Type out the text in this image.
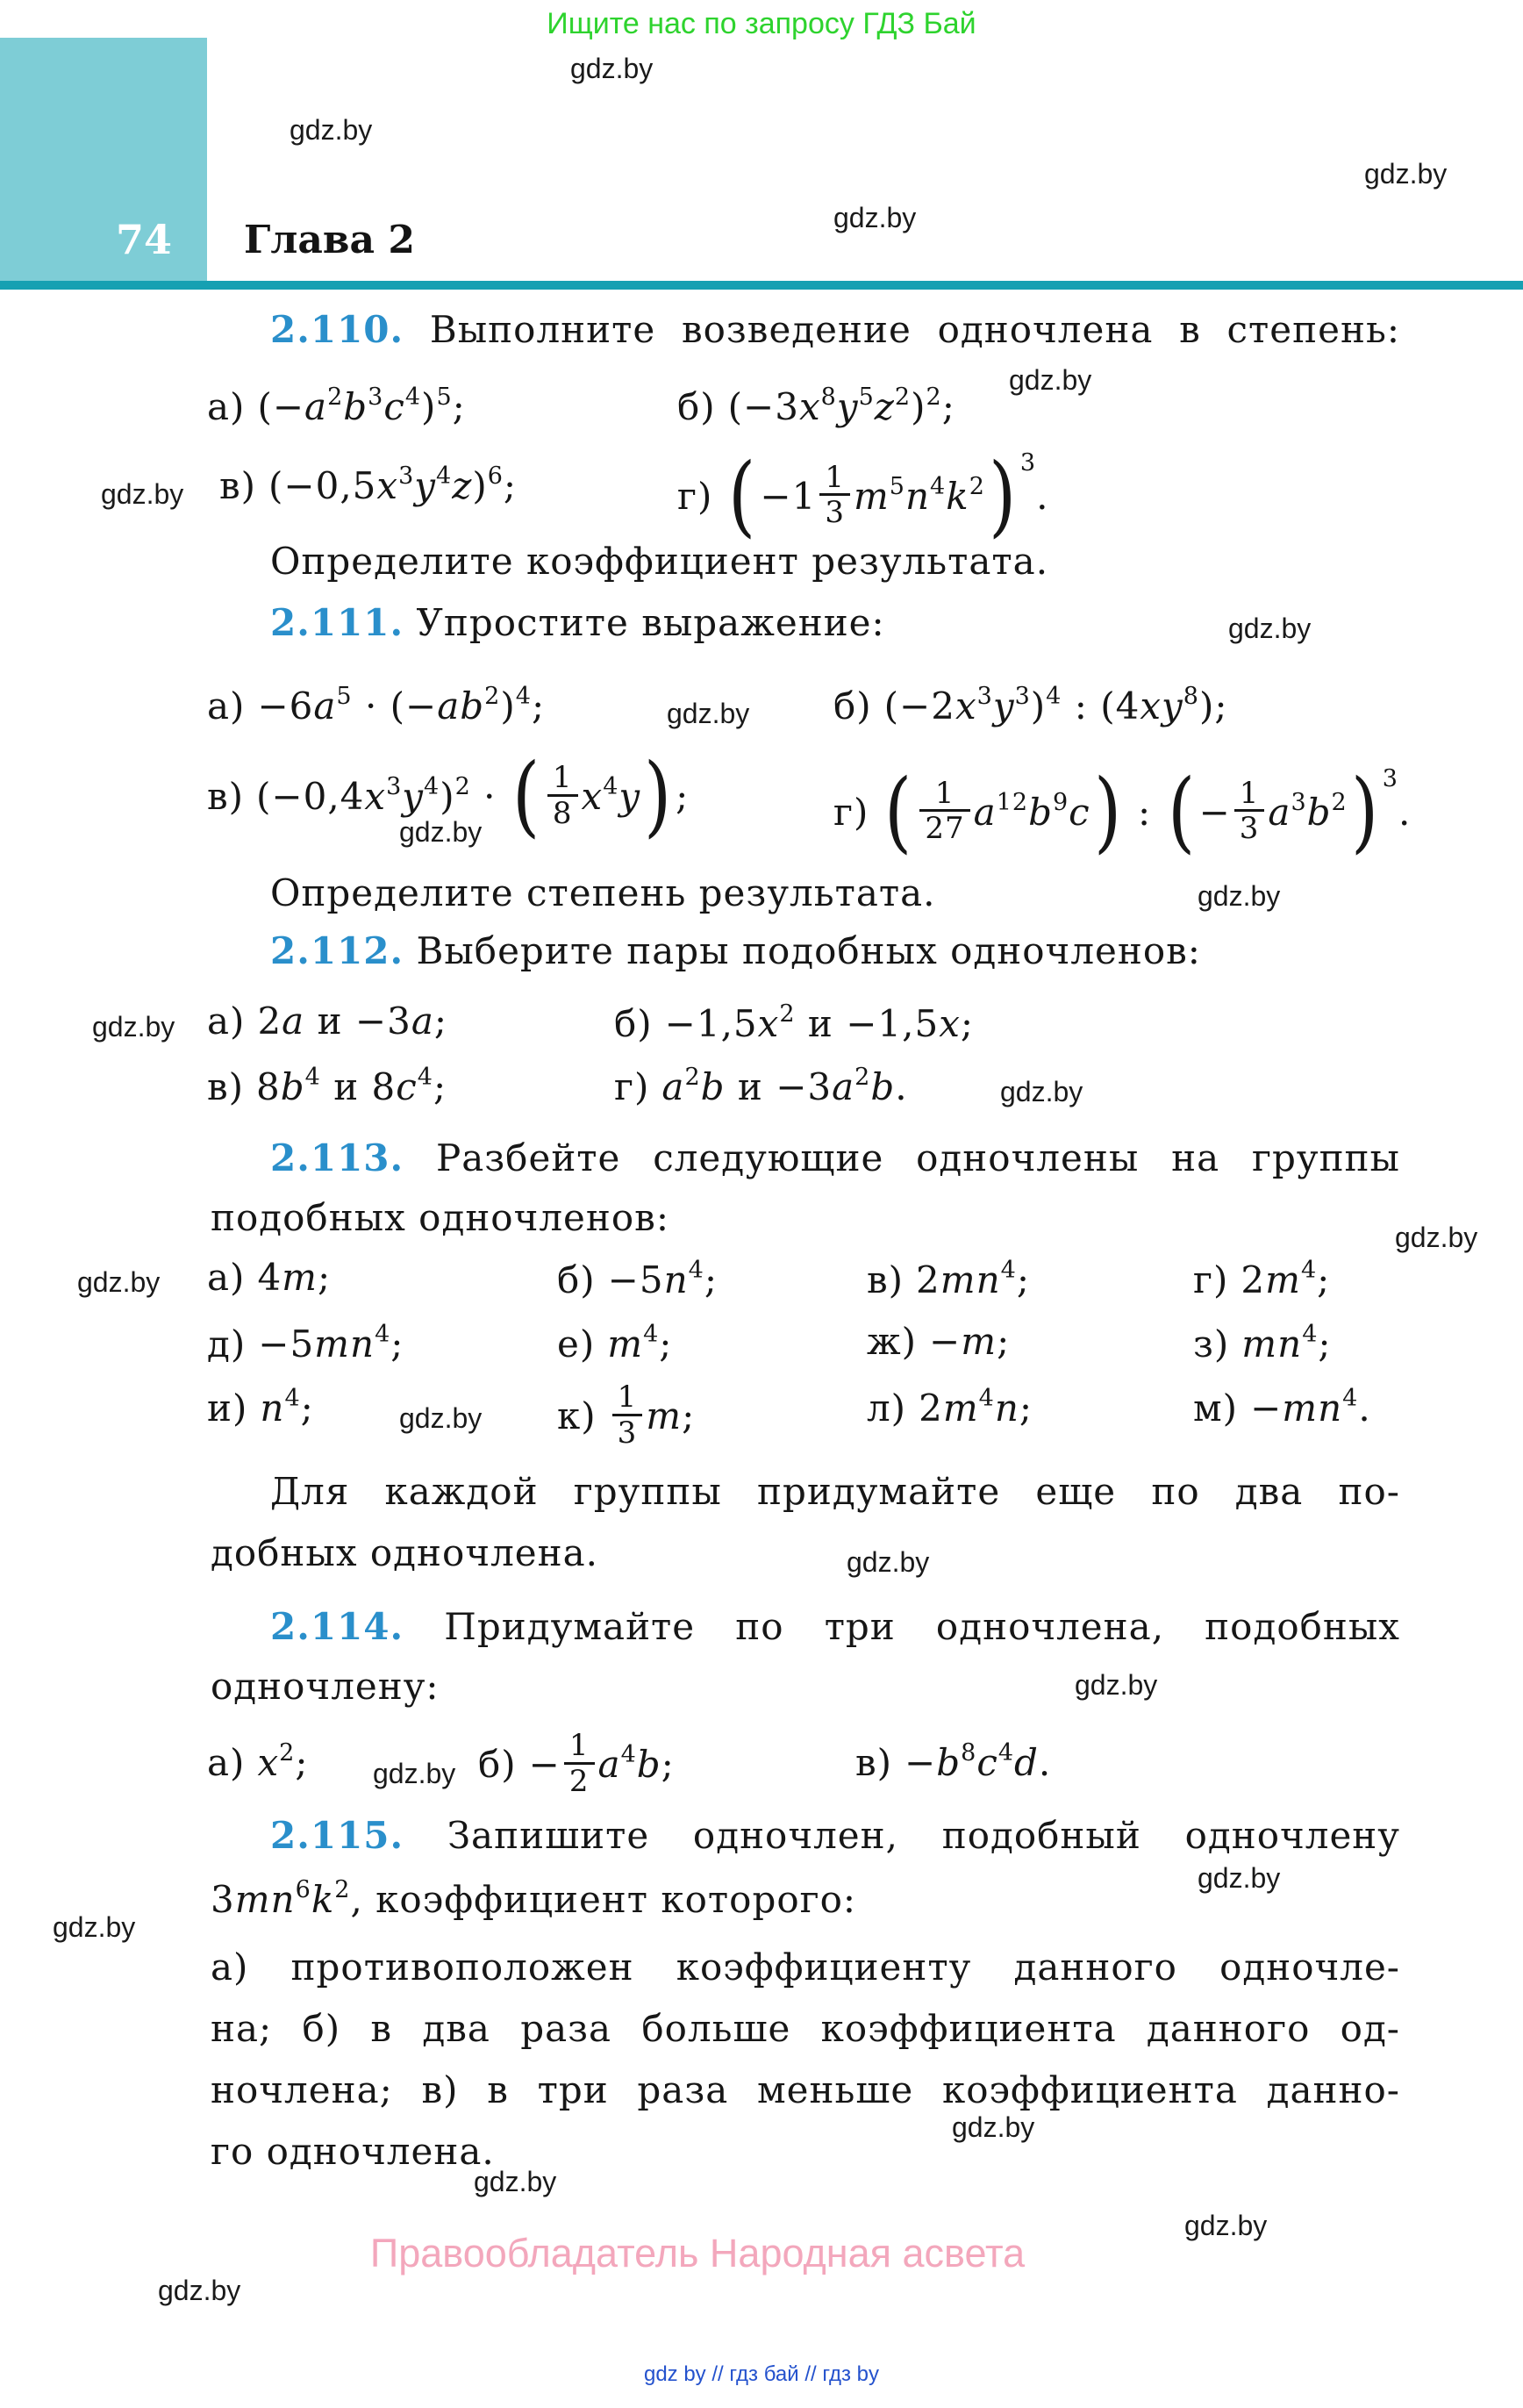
Ищите нас по запросу ГДЗ Бай
74 Глава 2
2.110. Выполните возведение одночлена в степень:
а) $(-a^2b^3c^4)^5$;	б) $(-3x^8y^5z^2)^2$;
в) $(-0,5x^3y^4z)^6$;	г) $(-1 \frac{1}{3} m^5n^4k^2)$ $^3$.
Определите коэффициент результата.
2.111. Упростите выражение:
$а) -6a^5 \cdot (-ab^2)^4$;	б) $(-2x^3y^3)^4$ : $(4xy^8)$;
в) $(-0,4x^3y^4)^2$ · ( $\frac{1}{8} x^4y$);	г) ( $\frac{1}{27} a^{12}b^9c$) : (− $\frac{1}{3} a^3b^2$) $^3$.
Определите степень результата.
2.112. Выберите пары подобных одночленов:
а) 2a и −3a;	$б) -1,5x^2$ и −1,5x;
в) $8b^4$ и $8c^4$;	г) $a^2b$ $и -3a^2b$.
2.113. Разбейте следующие одночлены на группы
подобных одночленов:
а) 4m;	$б) -5n^4$;	в) $2mn^4$;	г) $2m^4$;
$д) -5mn^4$;	е) $m^4$;	ж) −m;	з) $mn^4$;
и) $n^4$;	$к) \frac{1}{3} m$;	л) $2m^4n$;	$м) -mn^4$.
Для каждой группы придумайте еще по два по-
добных одночлена.
2.114. Придумайте по три одночлена, подобных
одночлену:
а) $x^2$;	$б) - \frac{1}{2} a^4b$;	$в) -b^8c^4d$.
2.115. Запишите одночлен, подобный одночлену
$3mn^6k^2$, коэффициент которого:
а) противоположен коэффициенту данного одночле-
на; б) в два раза больше коэффициента данного од-
ночлена; в) в три раза меньше коэффициента данно-
го одночлена.
gdz.by
gdz.by
gdz.by
gdz.by
gdz.by
gdz.by
gdz.by
gdz.by
gdz.by
gdz.by
gdz.by
gdz.by
gdz.by
gdz.by
gdz.by
gdz.by
gdz.by
gdz.by
gdz.by
gdz.by
gdz.by
gdz.by
gdz.by
gdz.by
Правообладатель Народная асвета
gdz by // гдз бай // гдз by
